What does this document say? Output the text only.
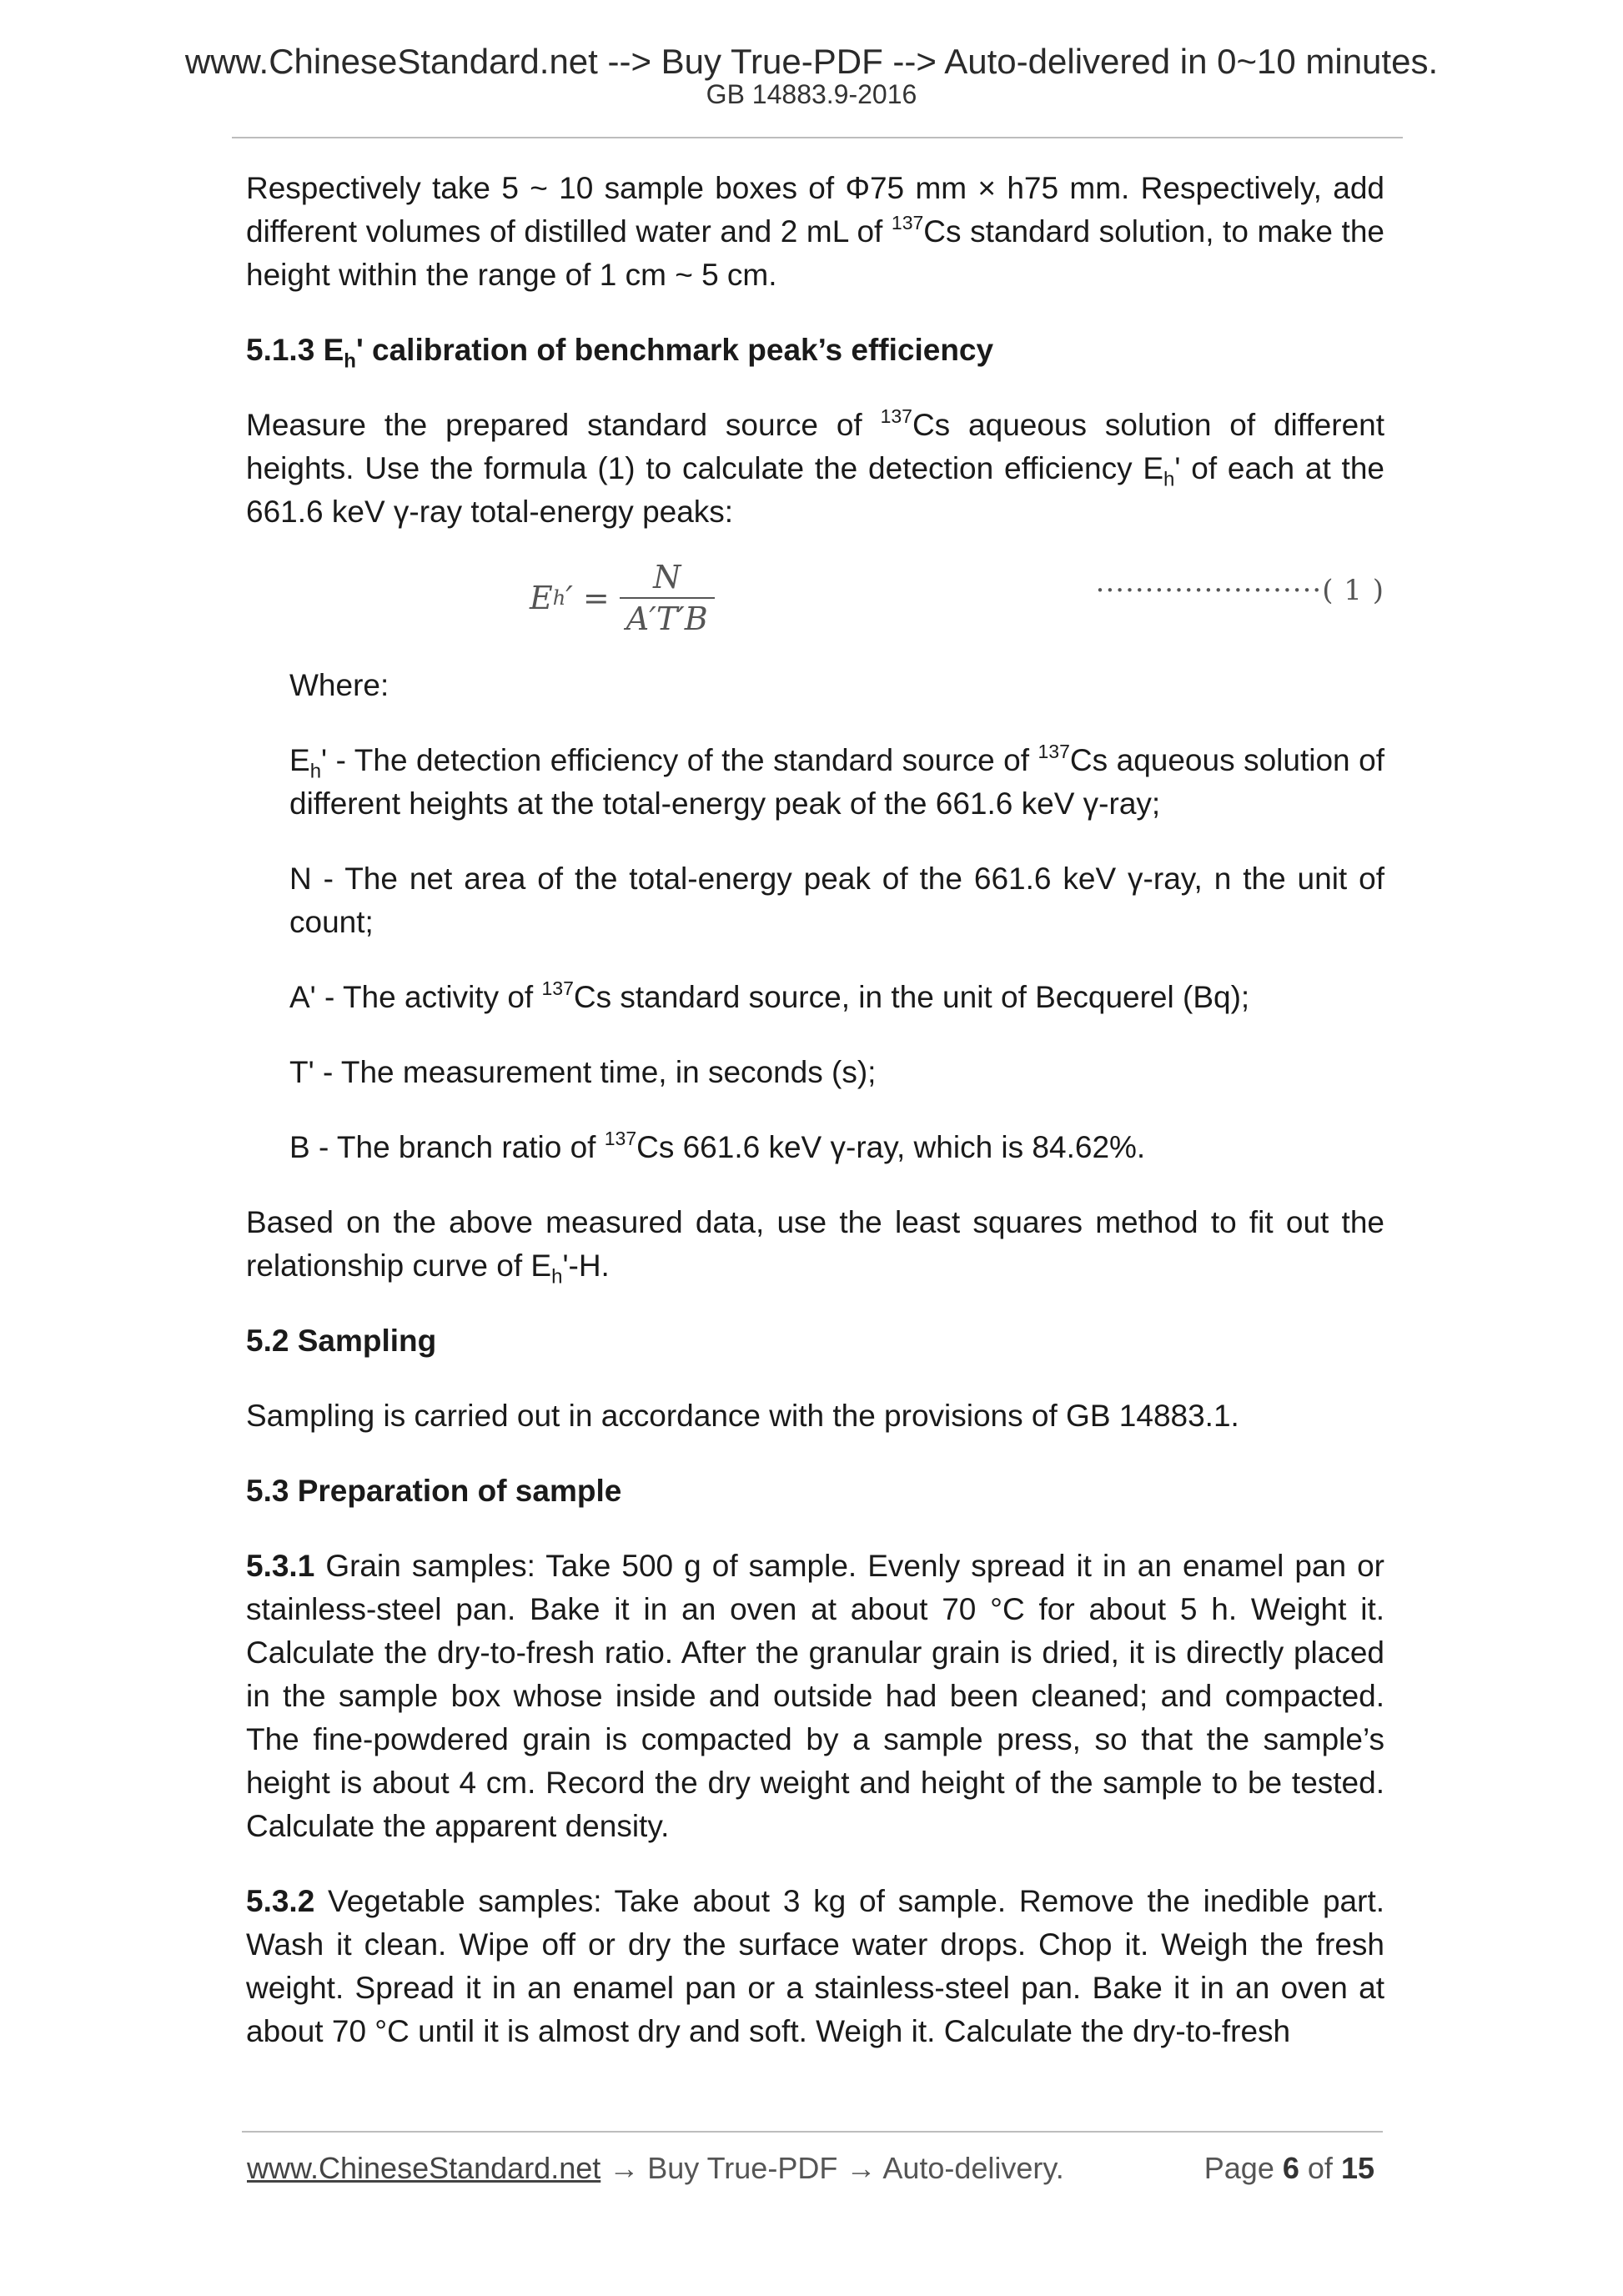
www.ChineseStandard.net --> Buy True-PDF --> Auto-delivered in 0~10 minutes.
GB 14883.9-2016

Respectively take 5 ~ 10 sample boxes of Φ75 mm × h75 mm. Respectively, add different volumes of distilled water and 2 mL of $^{137}$Cs standard solution, to make the height within the range of 1 cm ~ 5 cm.

5.1.3 $E_h'$ calibration of benchmark peak’s efficiency

Measure the prepared standard source of $^{137}$Cs aqueous solution of different heights. Use the formula (1) to calculate the detection efficiency $E_h'$ of each at the 661.6 keV γ-ray total-energy peaks:

E h ′ = $\frac{N}{A'T'B}$	·······················( 1 )

Where:

$E_h'$ - The detection efficiency of the standard source of $^{137}$Cs aqueous solution of different heights at the total-energy peak of the 661.6 keV γ-ray;

N - The net area of the total-energy peak of the 661.6 keV γ-ray, n the unit of count;

A' - The activity of $^{137}$Cs standard source, in the unit of Becquerel (Bq);

T' - The measurement time, in seconds (s);

B - The branch ratio of $^{137}$Cs 661.6 keV γ-ray, which is 84.62%.

Based on the above measured data, use the least squares method to fit out the relationship curve of $E_h'-H$.

5.2 Sampling

Sampling is carried out in accordance with the provisions of GB 14883.1.

5.3 Preparation of sample

5.3.1 Grain samples: Take 500 g of sample. Evenly spread it in an enamel pan or stainless-steel pan. Bake it in an oven at about 70 °C for about 5 h. Weight it. Calculate the dry-to-fresh ratio. After the granular grain is dried, it is directly placed in the sample box whose inside and outside had been cleaned; and compacted. The fine-powdered grain is compacted by a sample press, so that the sample’s height is about 4 cm. Record the dry weight and height of the sample to be tested. Calculate the apparent density.

5.3.2 Vegetable samples: Take about 3 kg of sample. Remove the inedible part. Wash it clean. Wipe off or dry the surface water drops. Chop it. Weigh the fresh weight. Spread it in an enamel pan or a stainless-steel pan. Bake it in an oven at about 70 °C until it is almost dry and soft. Weigh it. Calculate the dry-to-fresh

www.ChineseStandard.net → Buy True-PDF → Auto-delivery.	Page 6 of 15
